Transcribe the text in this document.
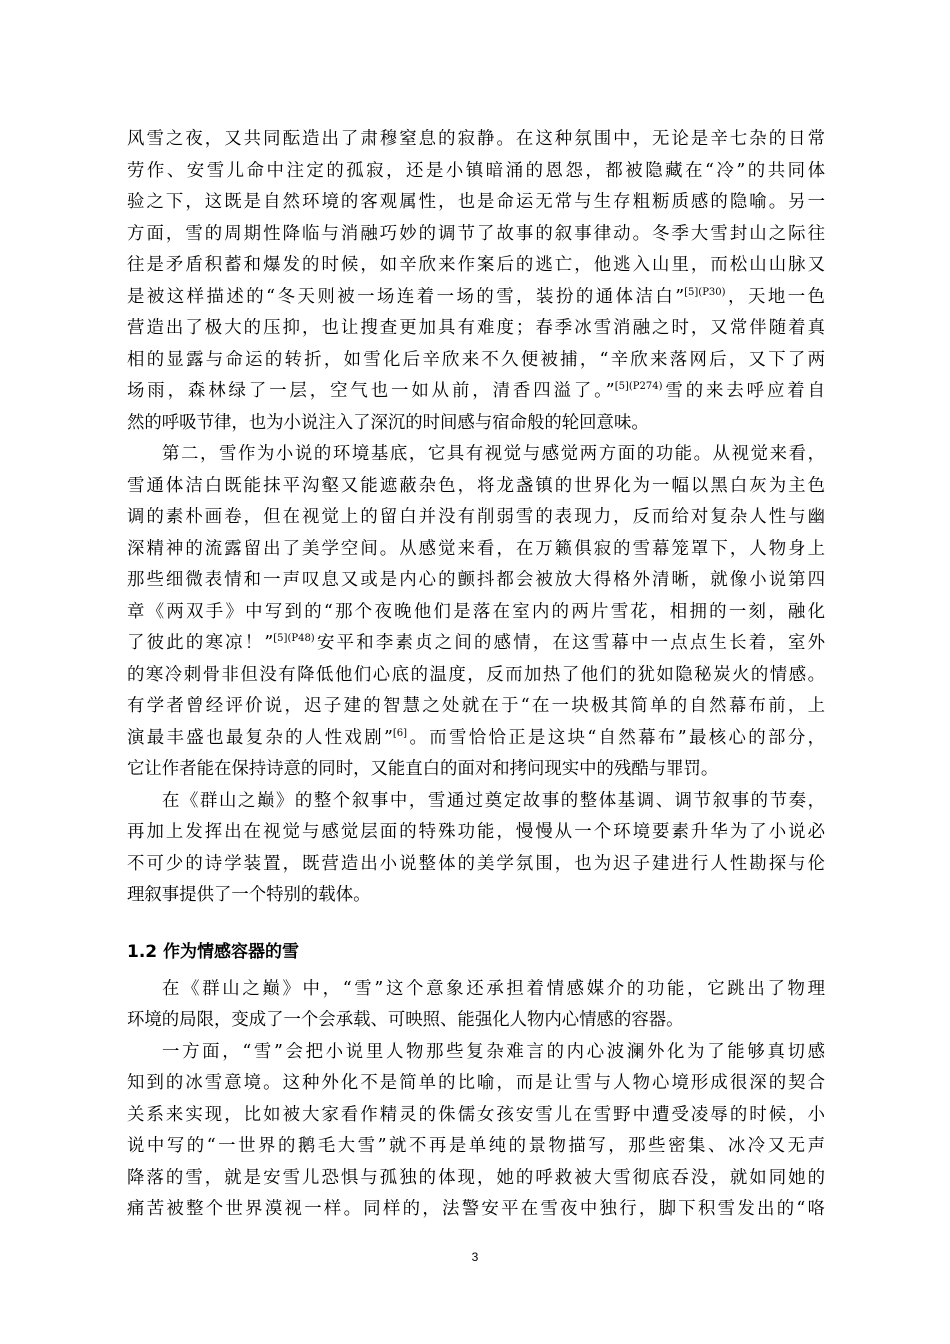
风雪之夜，又共同酝造出了肃穆窒息的寂静。在这种氛围中，无论是辛七杂的日常
劳作、安雪儿命中注定的孤寂，还是小镇暗涌的恩怨，都被隐藏在“冷”的共同体
验之下，这既是自然环境的客观属性，也是命运无常与生存粗粝质感的隐喻。另一
方面，雪的周期性降临与消融巧妙的调节了故事的叙事律动。冬季大雪封山之际往
往是矛盾积蓄和爆发的时候，如辛欣来作案后的逃亡，他逃入山里，而松山山脉又
是被这样描述的“冬天则被一场连着一场的雪，装扮的通体洁白”$^{[5](P30)}$，天地一色
营造出了极大的压抑，也让搜查更加具有难度；春季冰雪消融之时，又常伴随着真
相的显露与命运的转折，如雪化后辛欣来不久便被捕，“辛欣来落网后，又下了两
场雨，森林绿了一层，空气也一如从前，清香四溢了。”$^{[5](P274)}$雪的来去呼应着自
然的呼吸节律，也为小说注入了深沉的时间感与宿命般的轮回意味。
第二，雪作为小说的环境基底，它具有视觉与感觉两方面的功能。从视觉来看，
雪通体洁白既能抹平沟壑又能遮蔽杂色，将龙盏镇的世界化为一幅以黑白灰为主色
调的素朴画卷，但在视觉上的留白并没有削弱雪的表现力，反而给对复杂人性与幽
深精神的流露留出了美学空间。从感觉来看，在万籁俱寂的雪幕笼罩下，人物身上
那些细微表情和一声叹息又或是内心的颤抖都会被放大得格外清晰，就像小说第四
章《两双手》中写到的“那个夜晚他们是落在室内的两片雪花，相拥的一刻，融化
了彼此的寒凉！”$^{[5](P48)}$安平和李素贞之间的感情，在这雪幕中一点点生长着，室外
的寒冷刺骨非但没有降低他们心底的温度，反而加热了他们的犹如隐秘炭火的情感。
有学者曾经评价说，迟子建的智慧之处就在于“在一块极其简单的自然幕布前，上
演最丰盛也最复杂的人性戏剧”[6]。而雪恰恰正是这块“自然幕布”最核心的部分，
它让作者能在保持诗意的同时，又能直白的面对和拷问现实中的残酷与罪罚。
在《群山之巅》的整个叙事中，雪通过奠定故事的整体基调、调节叙事的节奏，
再加上发挥出在视觉与感觉层面的特殊功能，慢慢从一个环境要素升华为了小说必
不可少的诗学装置，既营造出小说整体的美学氛围，也为迟子建进行人性勘探与伦
理叙事提供了一个特别的载体。
1.2 作为情感容器的雪
在《群山之巅》中，“雪”这个意象还承担着情感媒介的功能，它跳出了物理
环境的局限，变成了一个会承载、可映照、能强化人物内心情感的容器。
一方面，“雪”会把小说里人物那些复杂难言的内心波澜外化为了能够真切感
知到的冰雪意境。这种外化不是简单的比喻，而是让雪与人物心境形成很深的契合
关系来实现，比如被大家看作精灵的侏儒女孩安雪儿在雪野中遭受凌辱的时候，小
说中写的“一世界的鹅毛大雪”就不再是单纯的景物描写，那些密集、冰冷又无声
降落的雪，就是安雪儿恐惧与孤独的体现，她的呼救被大雪彻底吞没，就如同她的
痛苦被整个世界漠视一样。同样的，法警安平在雪夜中独行，脚下积雪发出的“咯
3
